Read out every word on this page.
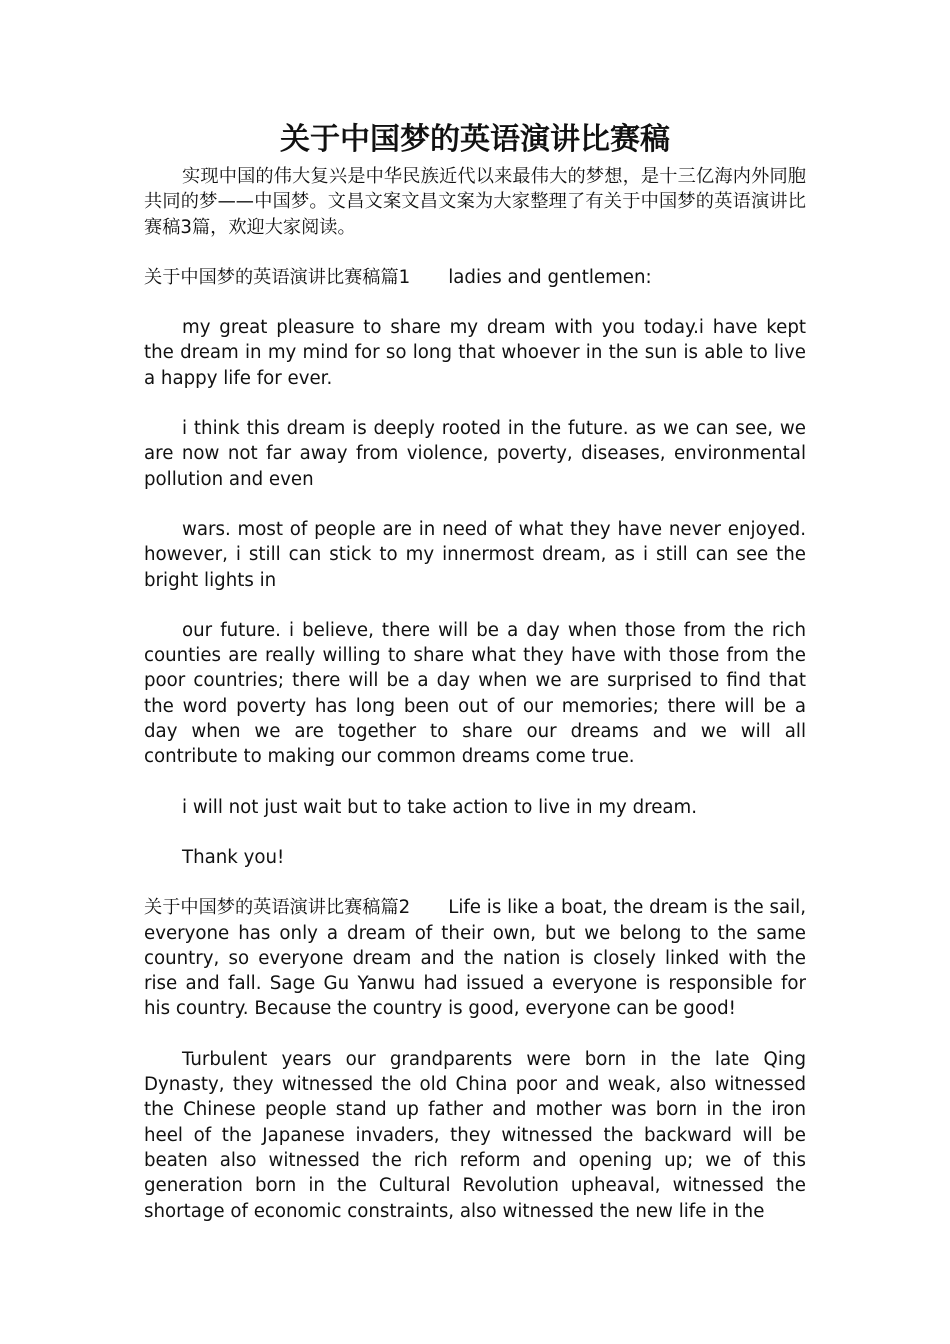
关于中国梦的英语演讲比赛稿

实现中国的伟大复兴是中华民族近代以来最伟大的梦想，是十三亿海内外同胞共同的梦——中国梦。文昌文案文昌文案为大家整理了有关于中国梦的英语演讲比赛稿3篇，欢迎大家阅读。

关于中国梦的英语演讲比赛稿篇1 ladies and gentlemen:

my great pleasure to share my dream with you today.i have kept the dream in my mind for so long that whoever in the sun is able to live a happy life for ever.

i think this dream is deeply rooted in the future. as we can see, we are now not far away from violence, poverty, diseases, environmental pollution and even

wars. most of people are in need of what they have never enjoyed. however, i still can stick to my innermost dream, as i still can see the bright lights in

our future. i believe, there will be a day when those from the rich counties are really willing to share what they have with those from the poor countries; there will be a day when we are surprised to find that the word poverty has long been out of our memories; there will be a day when we are together to share our dreams and we will all contribute to making our common dreams come true.

i will not just wait but to take action to live in my dream.

Thank you!

关于中国梦的英语演讲比赛稿篇2 Life is like a boat, the dream is the sail, everyone has only a dream of their own, but we belong to the same country, so everyone dream and the nation is closely linked with the rise and fall. Sage Gu Yanwu had issued a everyone is responsible for his country. Because the country is good, everyone can be good!

Turbulent years our grandparents were born in the late Qing Dynasty, they witnessed the old China poor and weak, also witnessed the Chinese people stand up father and mother was born in the iron heel of the Japanese invaders, they witnessed the backward will be beaten also witnessed the rich reform and opening up; we of this generation born in the Cultural Revolution upheaval, witnessed the shortage of economic constraints, also witnessed the new life in the
